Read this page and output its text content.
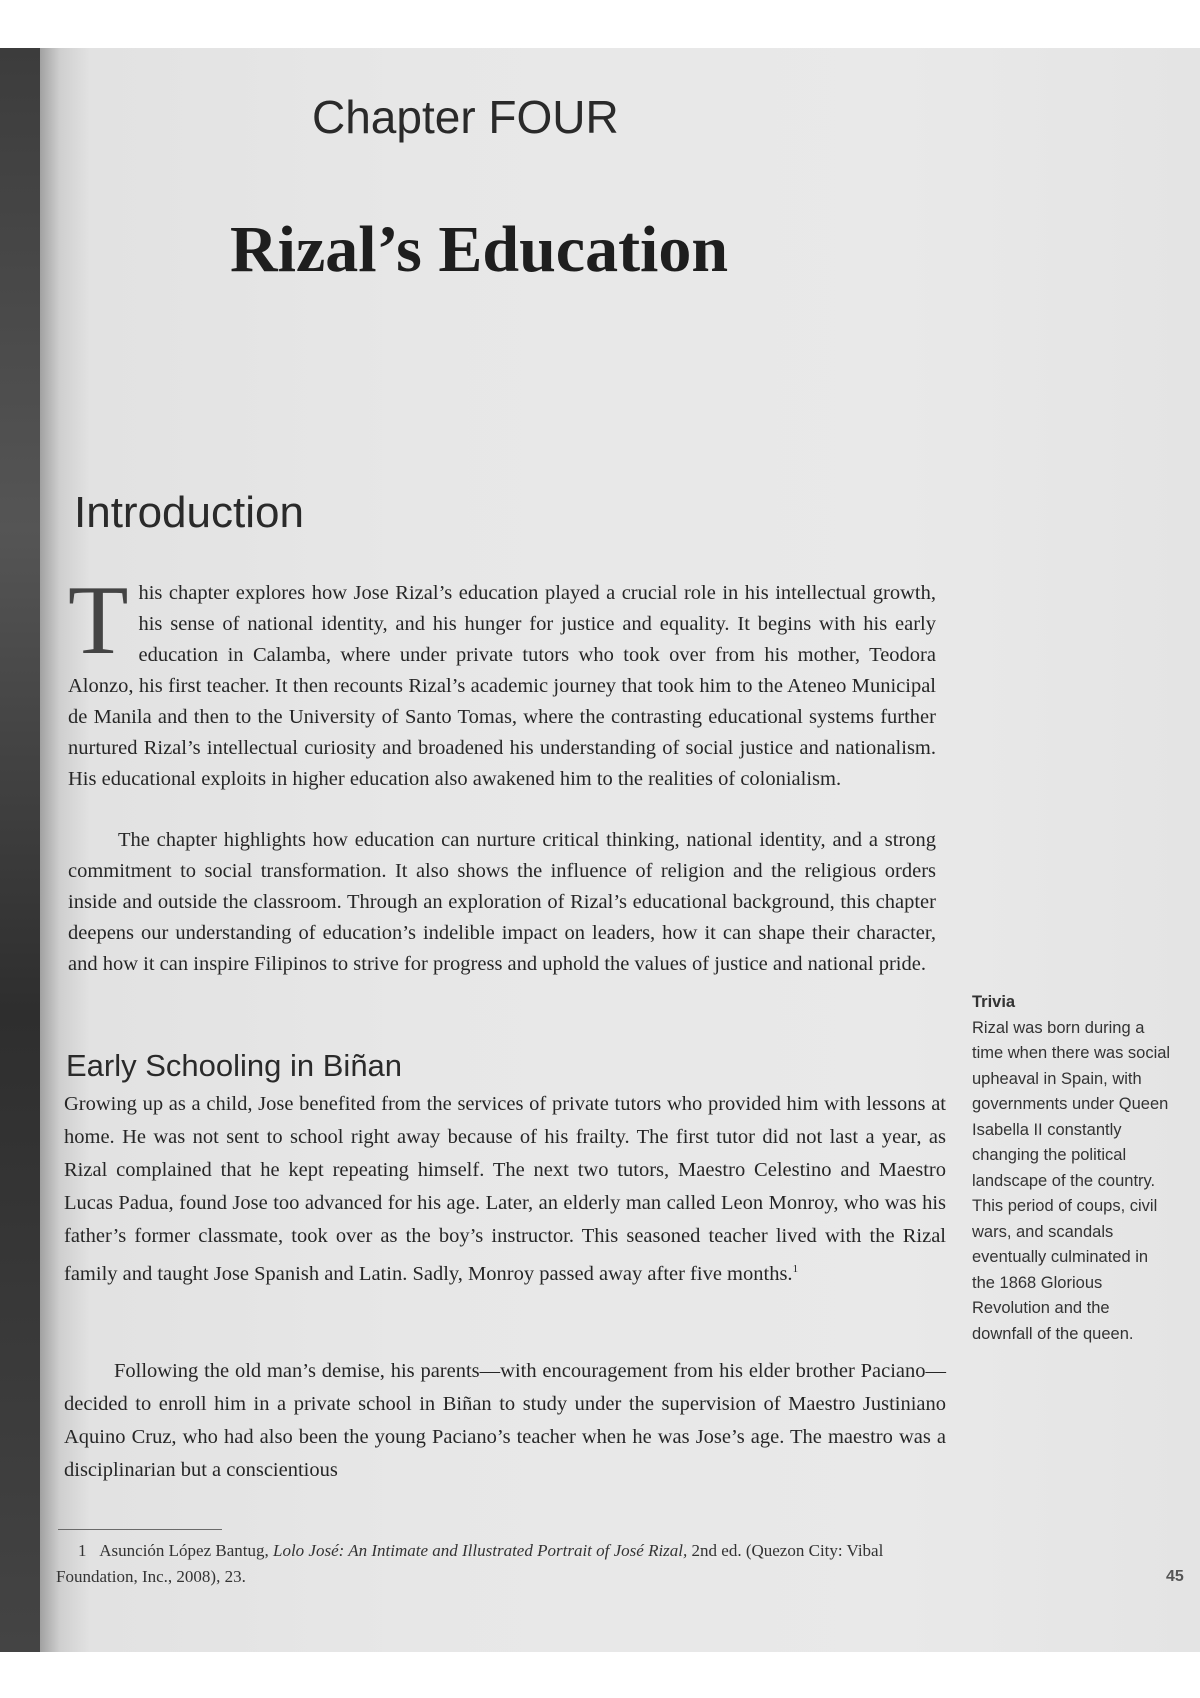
Chapter FOUR
Rizal’s Education
Introduction

This chapter explores how Jose Rizal’s education played a crucial role in his intellectual growth, his sense of national identity, and his hunger for justice and equality. It begins with his early education in Calamba, where under private tutors who took over from his mother, Teodora Alonzo, his first teacher. It then recounts Rizal’s academic journey that took him to the Ateneo Municipal de Manila and then to the University of Santo Tomas, where the contrasting educational systems further nurtured Rizal’s intellectual curiosity and broadened his understanding of social justice and nationalism. His educational exploits in higher education also awakened him to the realities of colonialism.

The chapter highlights how education can nurture critical thinking, national identity, and a strong commitment to social transformation. It also shows the influence of religion and the religious orders inside and outside the classroom. Through an exploration of Rizal’s educational background, this chapter deepens our understanding of education’s indelible impact on leaders, how it can shape their character, and how it can inspire Filipinos to strive for progress and uphold the values of justice and national pride.

Early Schooling in Biñan

Growing up as a child, Jose benefited from the services of private tutors who provided him with lessons at home. He was not sent to school right away because of his frailty. The first tutor did not last a year, as Rizal complained that he kept repeating himself. The next two tutors, Maestro Celestino and Maestro Lucas Padua, found Jose too advanced for his age. Later, an elderly man called Leon Monroy, who was his father’s former classmate, took over as the boy’s instructor. This seasoned teacher lived with the Rizal family and taught Jose Spanish and Latin. Sadly, Monroy passed away after five months.$^1$

Following the old man’s demise, his parents—with encouragement from his elder brother Paciano—decided to enroll him in a private school in Biñan to study under the supervision of Maestro Justiniano Aquino Cruz, who had also been the young Paciano’s teacher when he was Jose’s age. The maestro was a disciplinarian but a conscientious

1 Asunción López Bantug, Lolo José: An Intimate and Illustrated Portrait of José Rizal, 2nd ed. (Quezon City: Vibal Foundation, Inc., 2008), 23.

Trivia
Rizal was born during a time when there was social upheaval in Spain, with governments under Queen Isabella II constantly changing the political landscape of the country. This period of coups, civil wars, and scandals eventually culminated in the 1868 Glorious Revolution and the downfall of the queen.
45
